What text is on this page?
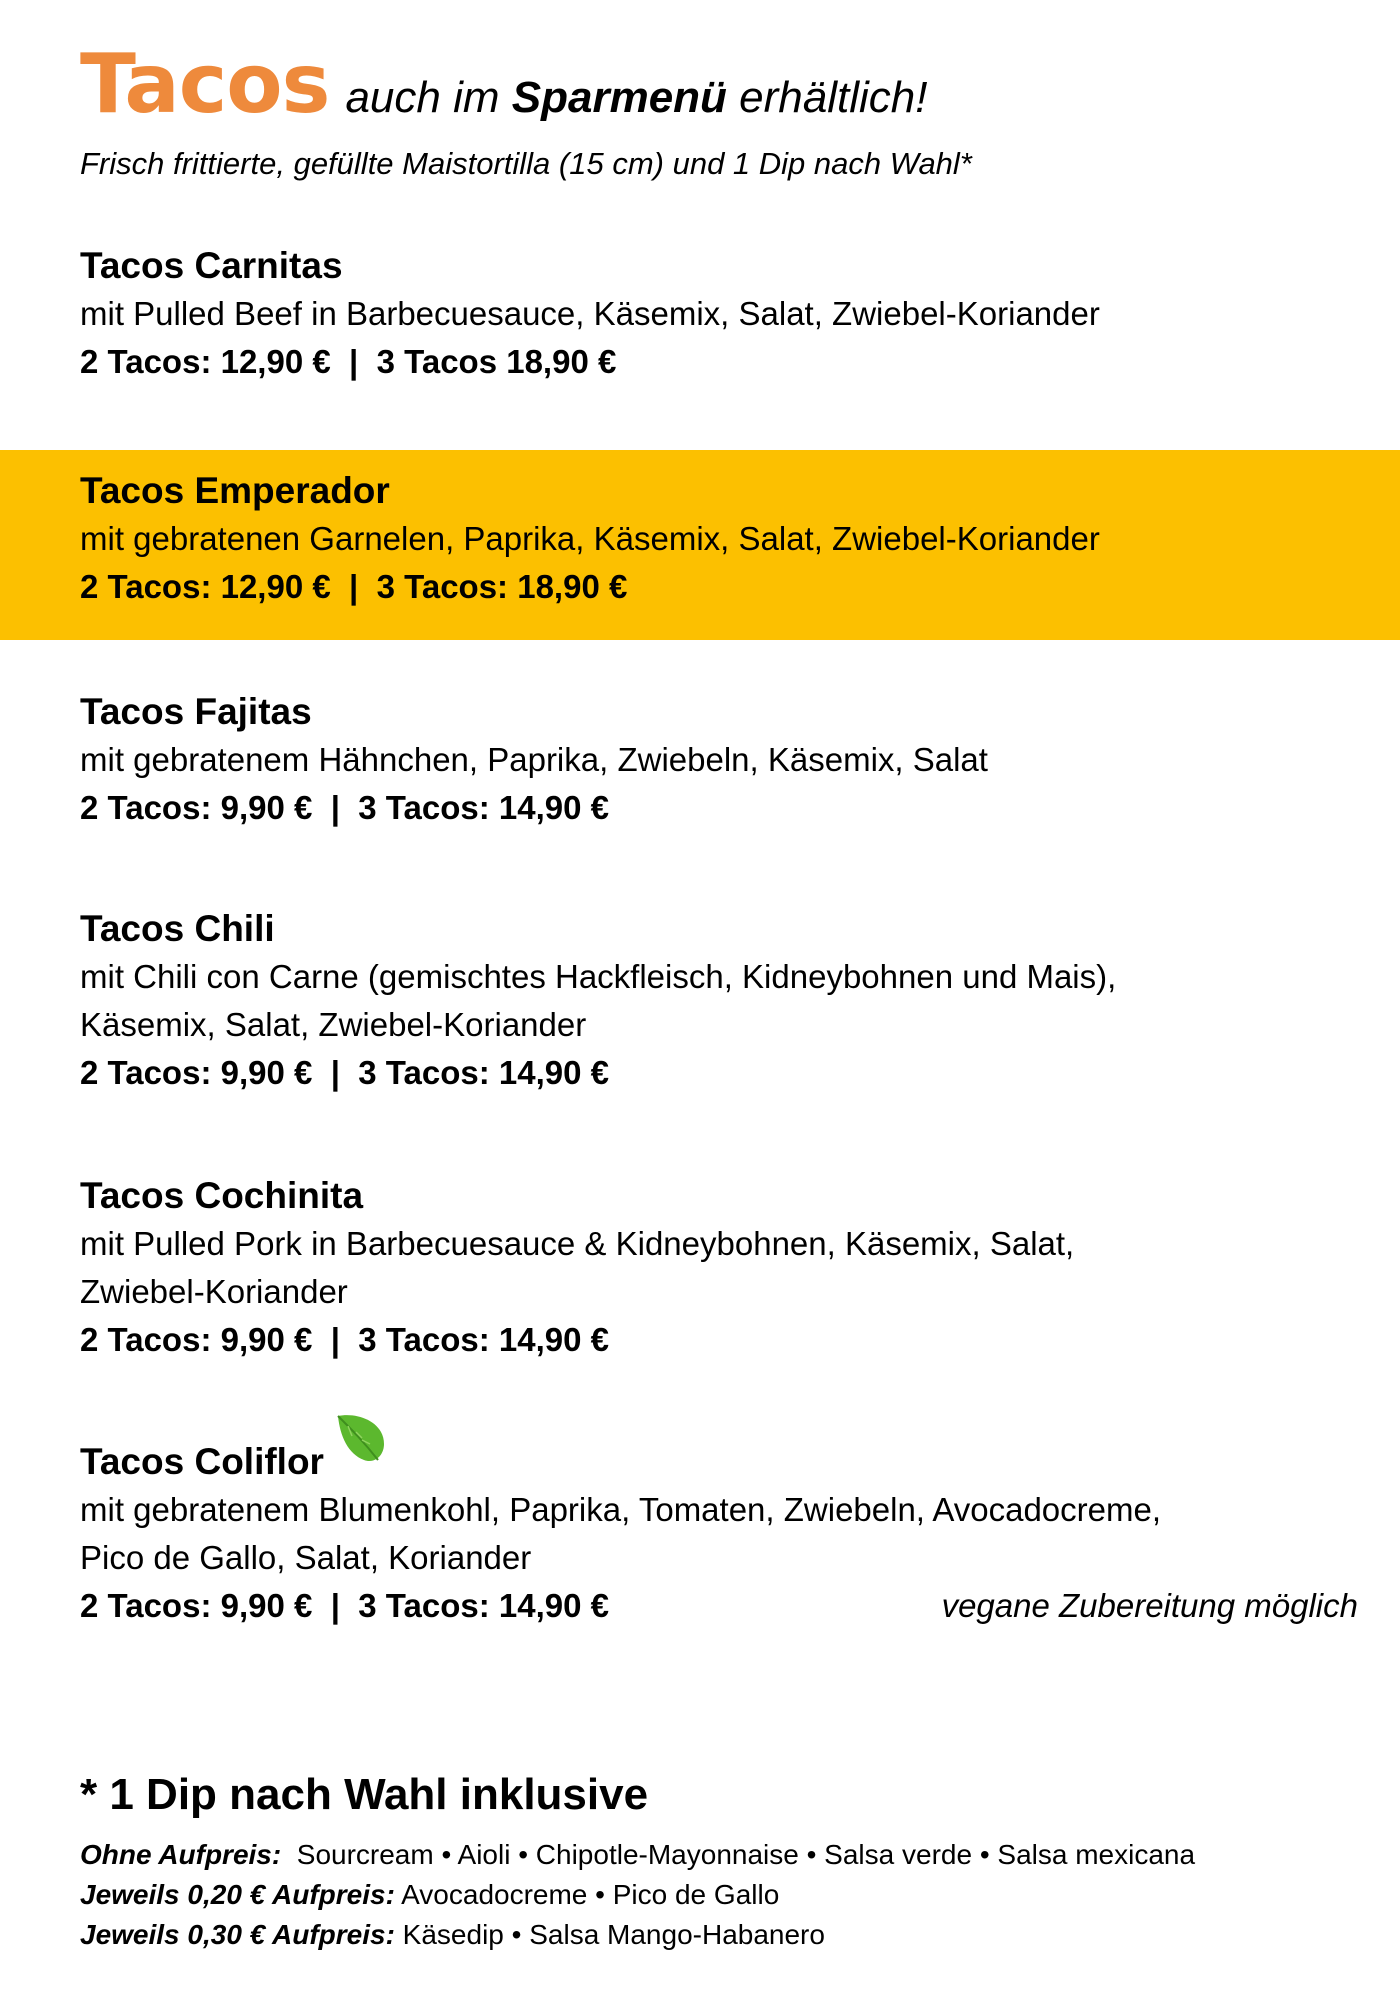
Tacos auch im Sparmenü erhältlich!
Frisch frittierte, gefüllte Maistortilla (15 cm) und 1 Dip nach Wahl*
Tacos Carnitas
mit Pulled Beef in Barbecuesauce, Käsemix, Salat, Zwiebel-Koriander
2 Tacos: 12,90 €  |  3 Tacos 18,90 €
Tacos Emperador
mit gebratenen Garnelen, Paprika, Käsemix, Salat, Zwiebel-Koriander
2 Tacos: 12,90 €  |  3 Tacos: 18,90 €
Tacos Fajitas
mit gebratenem Hähnchen, Paprika, Zwiebeln, Käsemix, Salat
2 Tacos: 9,90 €  |  3 Tacos: 14,90 €
Tacos Chili
mit Chili con Carne (gemischtes Hackfleisch, Kidneybohnen und Mais),
Käsemix, Salat, Zwiebel-Koriander
2 Tacos: 9,90 €  |  3 Tacos: 14,90 €
Tacos Cochinita
mit Pulled Pork in Barbecuesauce & Kidneybohnen, Käsemix, Salat,
Zwiebel-Koriander
2 Tacos: 9,90 €  |  3 Tacos: 14,90 €
Tacos Coliflor
mit gebratenem Blumenkohl, Paprika, Tomaten, Zwiebeln, Avocadocreme,
Pico de Gallo, Salat, Koriander
2 Tacos: 9,90 €  |  3 Tacos: 14,90 €	vegane Zubereitung möglich
* 1 Dip nach Wahl inklusive
Ohne Aufpreis: Sourcream • Aioli • Chipotle-Mayonnaise • Salsa verde • Salsa mexicana
Jeweils 0,20 € Aufpreis: Avocadocreme • Pico de Gallo
Jeweils 0,30 € Aufpreis: Käsedip • Salsa Mango-Habanero
